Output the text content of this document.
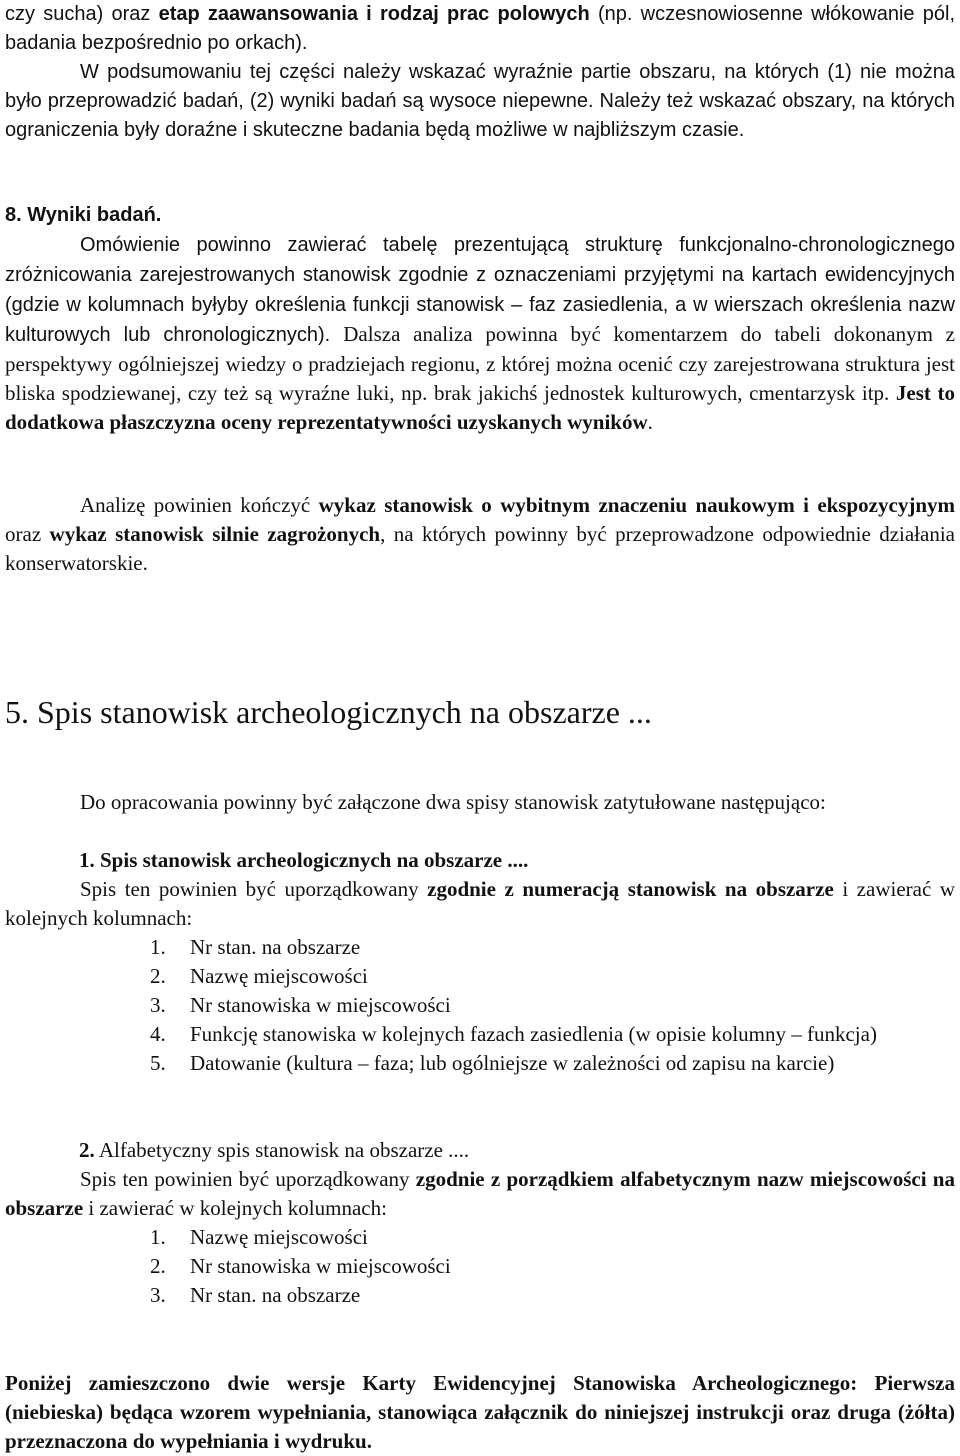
czy sucha) oraz etap zaawansowania i rodzaj prac polowych (np. wczesnowiosenne włókowanie pól, badania bezpośrednio po orkach).

W podsumowaniu tej części należy wskazać wyraźnie partie obszaru, na których (1) nie można było przeprowadzić badań, (2) wyniki badań są wysoce niepewne. Należy też wskazać obszary, na których ograniczenia były doraźne i skuteczne badania będą możliwe w najbliższym czasie.

8. Wyniki badań.

Omówienie powinno zawierać tabelę prezentującą strukturę funkcjonalno-chronologicznego zróżnicowania zarejestrowanych stanowisk zgodnie z oznaczeniami przyjętymi na kartach ewidencyjnych (gdzie w kolumnach byłyby określenia funkcji stanowisk – faz zasiedlenia, a w wierszach określenia nazw kulturowych lub chronologicznych). Dalsza analiza powinna być komentarzem do tabeli dokonanym z perspektywy ogólniejszej wiedzy o pradziejach regionu, z której można ocenić czy zarejestrowana struktura jest bliska spodziewanej, czy też są wyraźne luki, np. brak jakichś jednostek kulturowych, cmentarzysk itp. Jest to dodatkowa płaszczyzna oceny reprezentatywności uzyskanych wyników.

Analizę powinien kończyć wykaz stanowisk o wybitnym znaczeniu naukowym i ekspozycyjnym oraz wykaz stanowisk silnie zagrożonych, na których powinny być przeprowadzone odpowiednie działania konserwatorskie.

5. Spis stanowisk archeologicznych na obszarze ...

Do opracowania powinny być załączone dwa spisy stanowisk zatytułowane następująco:

1. Spis stanowisk archeologicznych na obszarze ....

Spis ten powinien być uporządkowany zgodnie z numeracją stanowisk na obszarze i zawierać w kolejnych kolumnach:

1. Nr stan. na obszarze
2. Nazwę miejscowości
3. Nr stanowiska w miejscowości
4. Funkcję stanowiska w kolejnych fazach zasiedlenia (w opisie kolumny – funkcja)
5. Datowanie (kultura – faza; lub ogólniejsze w zależności od zapisu na karcie)

2. Alfabetyczny spis stanowisk na obszarze ....

Spis ten powinien być uporządkowany zgodnie z porządkiem alfabetycznym nazw miejscowości na obszarze i zawierać w kolejnych kolumnach:

1. Nazwę miejscowości
2. Nr stanowiska w miejscowości
3. Nr stan. na obszarze

Poniżej zamieszczono dwie wersje Karty Ewidencyjnej Stanowiska Archeologicznego: Pierwsza (niebieska) będąca wzorem wypełniania, stanowiąca załącznik do niniejszej instrukcji oraz druga (żółta) przeznaczona do wypełniania i wydruku.
